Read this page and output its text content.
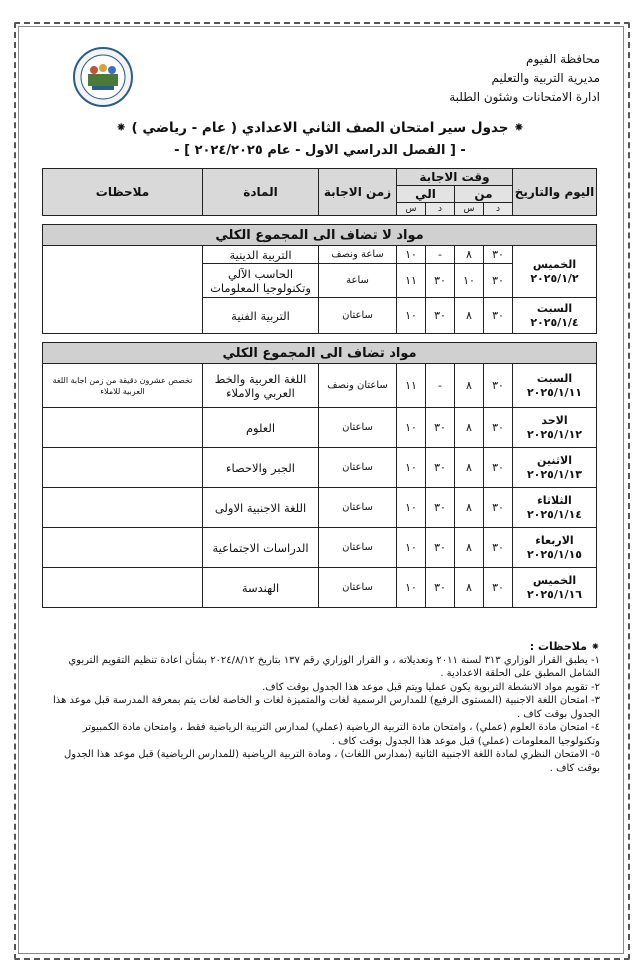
محافظة الفيوم
مديرية التربية والتعليم
ادارة الامتحانات وشئون الطلبة
⁕ جدول سير امتحان الصف الثاني الاعدادي ( عام - رياضي ) ⁕
- [ الفصل الدراسي الاول - عام ٢٠٢٤/٢٠٢٥ ] -
اليوم والتاريخ	وقت الاجابة				زمن الاجابة	المادة	ملاحظات
	من		الي				
	د	س	د	س			

مواد لا تضاف الى المجموع الكلي							

الخميس
٢٠٢٥/١/٢	٣٠	٨	-	١٠	ساعة ونصف	التربية الدينية	
	٣٠	١٠	٣٠	١١	ساعة	الحاسب الآلي وتكنولوجيا المعلومات	

السبت
٢٠٢٥/١/٤	٣٠	٨	٣٠	١٠	ساعتان	التربية الفنية	

مواد تضاف الى المجموع الكلي							

السبت
٢٠٢٥/١/١١	٣٠	٨	-	١١	ساعتان ونصف	اللغة العربية والخط العربي والاملاء	تخصص عشرون دقيقة من زمن اجابة اللغة العربية للاملاء

الاحد
٢٠٢٥/١/١٢	٣٠	٨	٣٠	١٠	ساعتان	العلوم	

الاثنين
٢٠٢٥/١/١٣	٣٠	٨	٣٠	١٠	ساعتان	الجبر والاحصاء	

الثلاثاء
٢٠٢٥/١/١٤	٣٠	٨	٣٠	١٠	ساعتان	اللغة الاجنبية الاولى	

الاربعاء
٢٠٢٥/١/١٥	٣٠	٨	٣٠	١٠	ساعتان	الدراسات الاجتماعية	

الخميس
٢٠٢٥/١/١٦	٣٠	٨	٣٠	١٠	ساعتان	الهندسة	
⁕ ملاحظات :

١- يطبق القرار الوزاري ٣١٣ لسنة ٢٠١١ وتعديلاته ، و القرار الوزاري رقم ١٣٧ بتاريخ ٢٠٢٤/٨/١٢ بشأن اعادة تنظيم التقويم التربوي الشامل المطبق على الحلقة الاعدادية .

٢- تقويم مواد الانشطة التربوية يكون عمليا ويتم قبل موعد هذا الجدول بوقت كاف.

٣- امتحان اللغة الاجنبية (المستوى الرفيع) للمدارس الرسمية لغات والمتميزة لغات و الخاصة لغات يتم بمعرفة المدرسة قبل موعد هذا الجدول بوقت كاف .

٤- امتحان مادة العلوم (عملي) ، وامتحان مادة التربية الرياضية (عملي) لمدارس التربية الرياضية فقط ، وامتحان مادة الكمبيوتر وتكنولوجيا المعلومات (عملي) قبل موعد هذا الجدول بوقت كاف .

٥- الامتحان النظري لمادة اللغة الاجنبية الثانية (بمدارس اللغات) ، ومادة التربية الرياضية (للمدارس الرياضية) قبل موعد هذا الجدول بوقت كاف .
